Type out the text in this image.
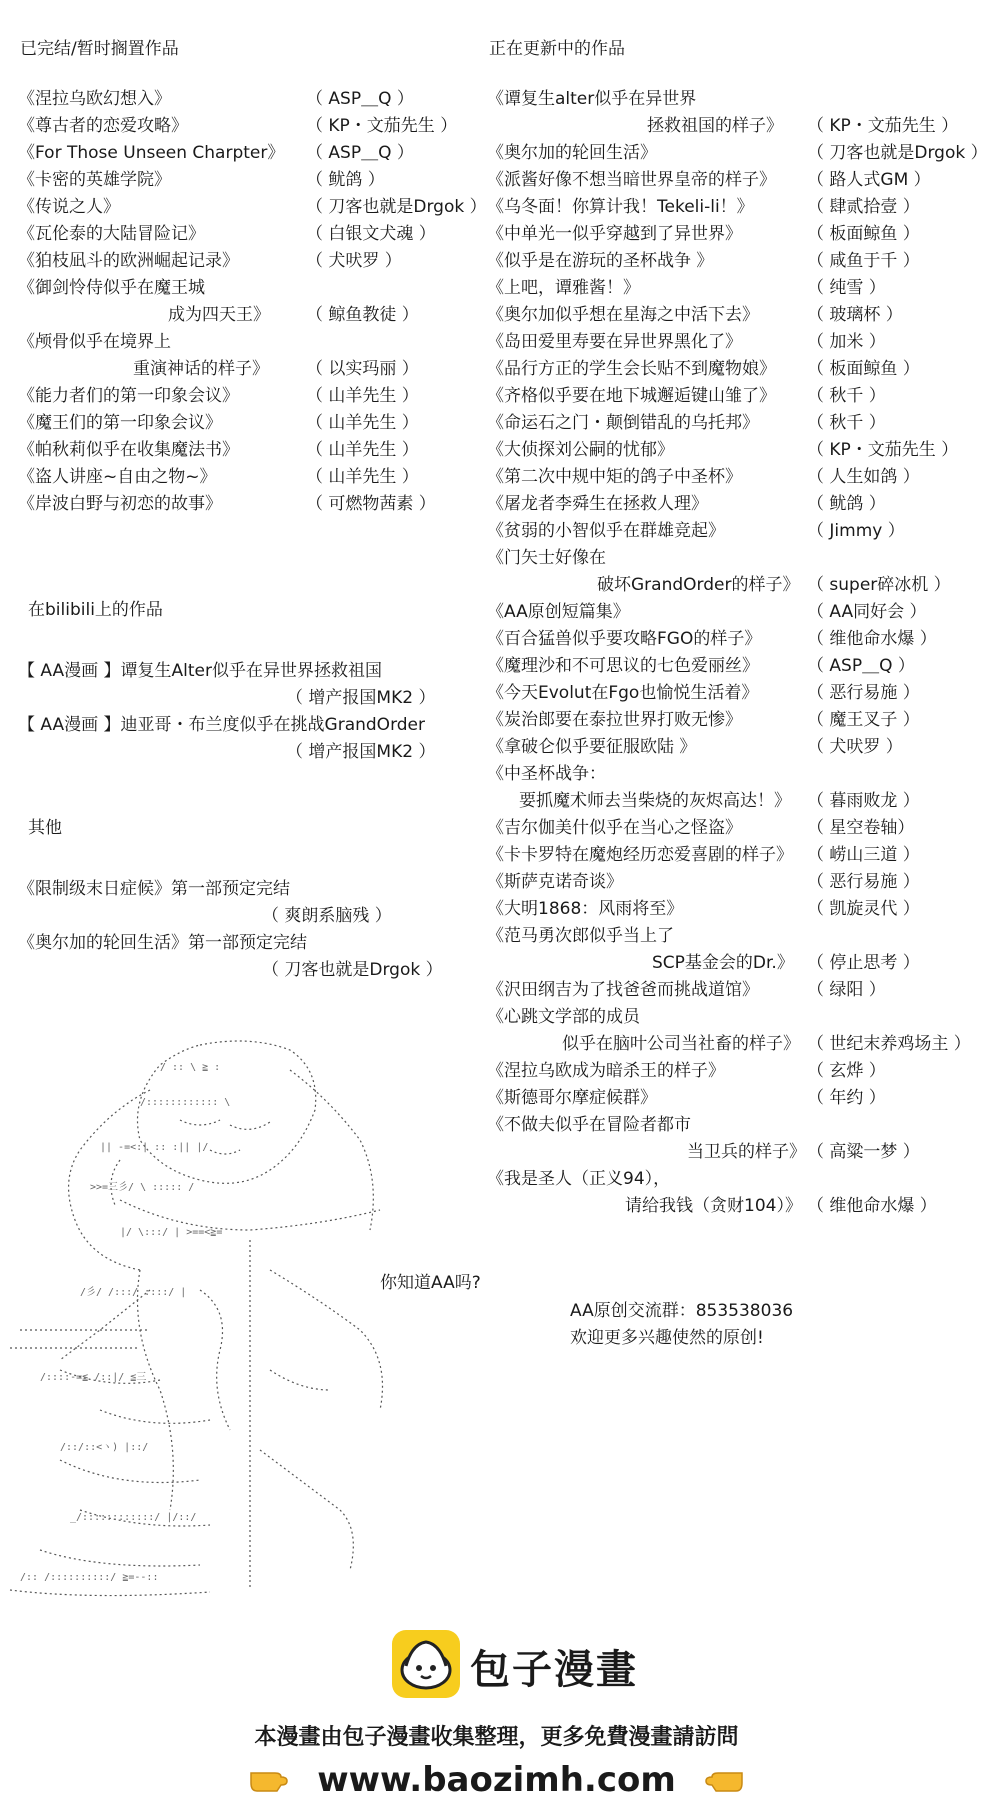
已完结/暂时搁置作品
《涅拉乌欧幻想入》	（ ASP＿Q ）
《尊古者的恋爱攻略》	（ KP・文茄先生 ）
《For Those Unseen Charpter》 （ ASP＿Q ）
《卡密的英雄学院》	（ 鱿鸽 ）
《传说之人》	（ 刀客也就是Drgok ）
《瓦伦泰的大陆冒险记》	（ 白银文犬魂 ）
《狛枝凪斗的欧洲崛起记录》	（ 犬吠罗 ）
《御剑怜侍似乎在魔王城
成为四天王》 （ 鲸鱼教徒 ）
《颅骨似乎在境界上
重演神话的样子》 （ 以实玛丽 ）
《能力者们的第一印象会议》	（ 山羊先生 ）
《魔王们的第一印象会议》	（ 山羊先生 ）
《帕秋莉似乎在收集魔法书》	（ 山羊先生 ）
《盗人讲座~自由之物~》	（ 山羊先生 ）
《岸波白野与初恋的故事》	（ 可燃物茜素 ）
正在更新中的作品
《谭复生alter似乎在异世界
拯救祖国的样子》 （ KP・文茄先生 ）
《奥尔加的轮回生活》	（ 刀客也就是Drgok ）
《派酱好像不想当暗世界皇帝的样子》 （ 路人式GM ）
《乌冬面！你算计我！Tekeli-li！》	（ 肆贰拾壹 ）
《中单光一似乎穿越到了异世界》	（ 板面鲸鱼 ）
《似乎是在游玩的圣杯战争 》	（ 咸鱼于千 ）
《上吧，谭雅酱！》	（ 纯雪 ）
《奥尔加似乎想在星海之中活下去》	（ 玻璃杯 ）
《岛田爱里寿要在异世界黑化了》	（ 加米 ）
《品行方正的学生会长贴不到魔物娘》 （ 板面鲸鱼 ）
《齐格似乎要在地下城邂逅键山雏了》 （ 秋千 ）
《命运石之门・颠倒错乱的乌托邦》	（ 秋千 ）
《大侦探刘公嗣的忧郁》	（ KP・文茄先生 ）
《第二次中规中矩的鸽子中圣杯》	（ 人生如鸽 ）
《屠龙者李舜生在拯救人理》	（ 鱿鸽 ）
《贫弱的小智似乎在群雄竞起》	（ Jimmy ）
《门矢士好像在
破坏GrandOrder的样子》 （ super碎冰机 ）
《AA原创短篇集》	（ AA同好会 ）
《百合猛兽似乎要攻略FGO的样子》	（ 维他命水爆 ）
《魔理沙和不可思议的七色爱丽丝》	（ ASP＿Q ）
《今天Evolut在Fgo也愉悦生活着》	（ 恶行易施 ）
《炭治郎要在泰拉世界打败无惨》	（ 魔王叉子 ）
《拿破仑似乎要征服欧陆 》	（ 犬吠罗 ）
《中圣杯战争：
要抓魔术师去当柴烧的灰烬高达！》 （ 暮雨败龙 ）
《吉尔伽美什似乎在当心之怪盗》	（ 星空卷轴）
《卡卡罗特在魔炮经历恋爱喜剧的样子》 （ 崂山三道 ）
《斯萨克诺奇谈》	（ 恶行易施 ）
《大明1868：风雨将至》	（ 凯旋灵代 ）
《范马勇次郎似乎当上了
SCP基金会的Dr.》 （ 停止思考 ）
《沢田纲吉为了找爸爸而挑战道馆》	（ 绿阳 ）
《心跳文学部的成员
似乎在脑叶公司当社畜的样子》 （ 世纪末养鸡场主 ）
《涅拉乌欧成为暗杀王的样子》	（ 玄烨 ）
《斯德哥尔摩症候群》	（ 年约 ）
《不做夫似乎在冒险者都市
当卫兵的样子》 （ 高粱一梦 ）
《我是圣人（正义94），
请给我钱（贪财104）》 （ 维他命水爆 ）
在bilibili上的作品
【 AA漫画 】谭复生Alter似乎在异世界拯救祖国
（ 增产报国MK2 ）
【 AA漫画 】迪亚哥・布兰度似乎在挑战GrandOrder
（ 增产报国MK2 ）
其他
《限制级末日症候》第一部预定完结
（ 爽朗系脑残 ）
《奥尔加的轮回生活》第一部预定完结
（ 刀客也就是Drgok ）
/ :: \ ≧ :
/:::::::::::: \
|| -=<:| :: :|| |/
>>=三彡/ \ ::::: /
|/ \:::/ | >==<≧=
/彡/ /:::/ ::::/ |
/::::-=≦ /::|/ ≦三
/::/::<ヽ) |::/
_/::::::::::::/ |/::/
/:: /::::::::::/ ≧=--::
你知道AA吗?
AA原创交流群：853538036
欢迎更多兴趣使然的原创!
包子漫畫
本漫畫由包子漫畫收集整理，更多免費漫畫請訪問
www.baozimh.com
